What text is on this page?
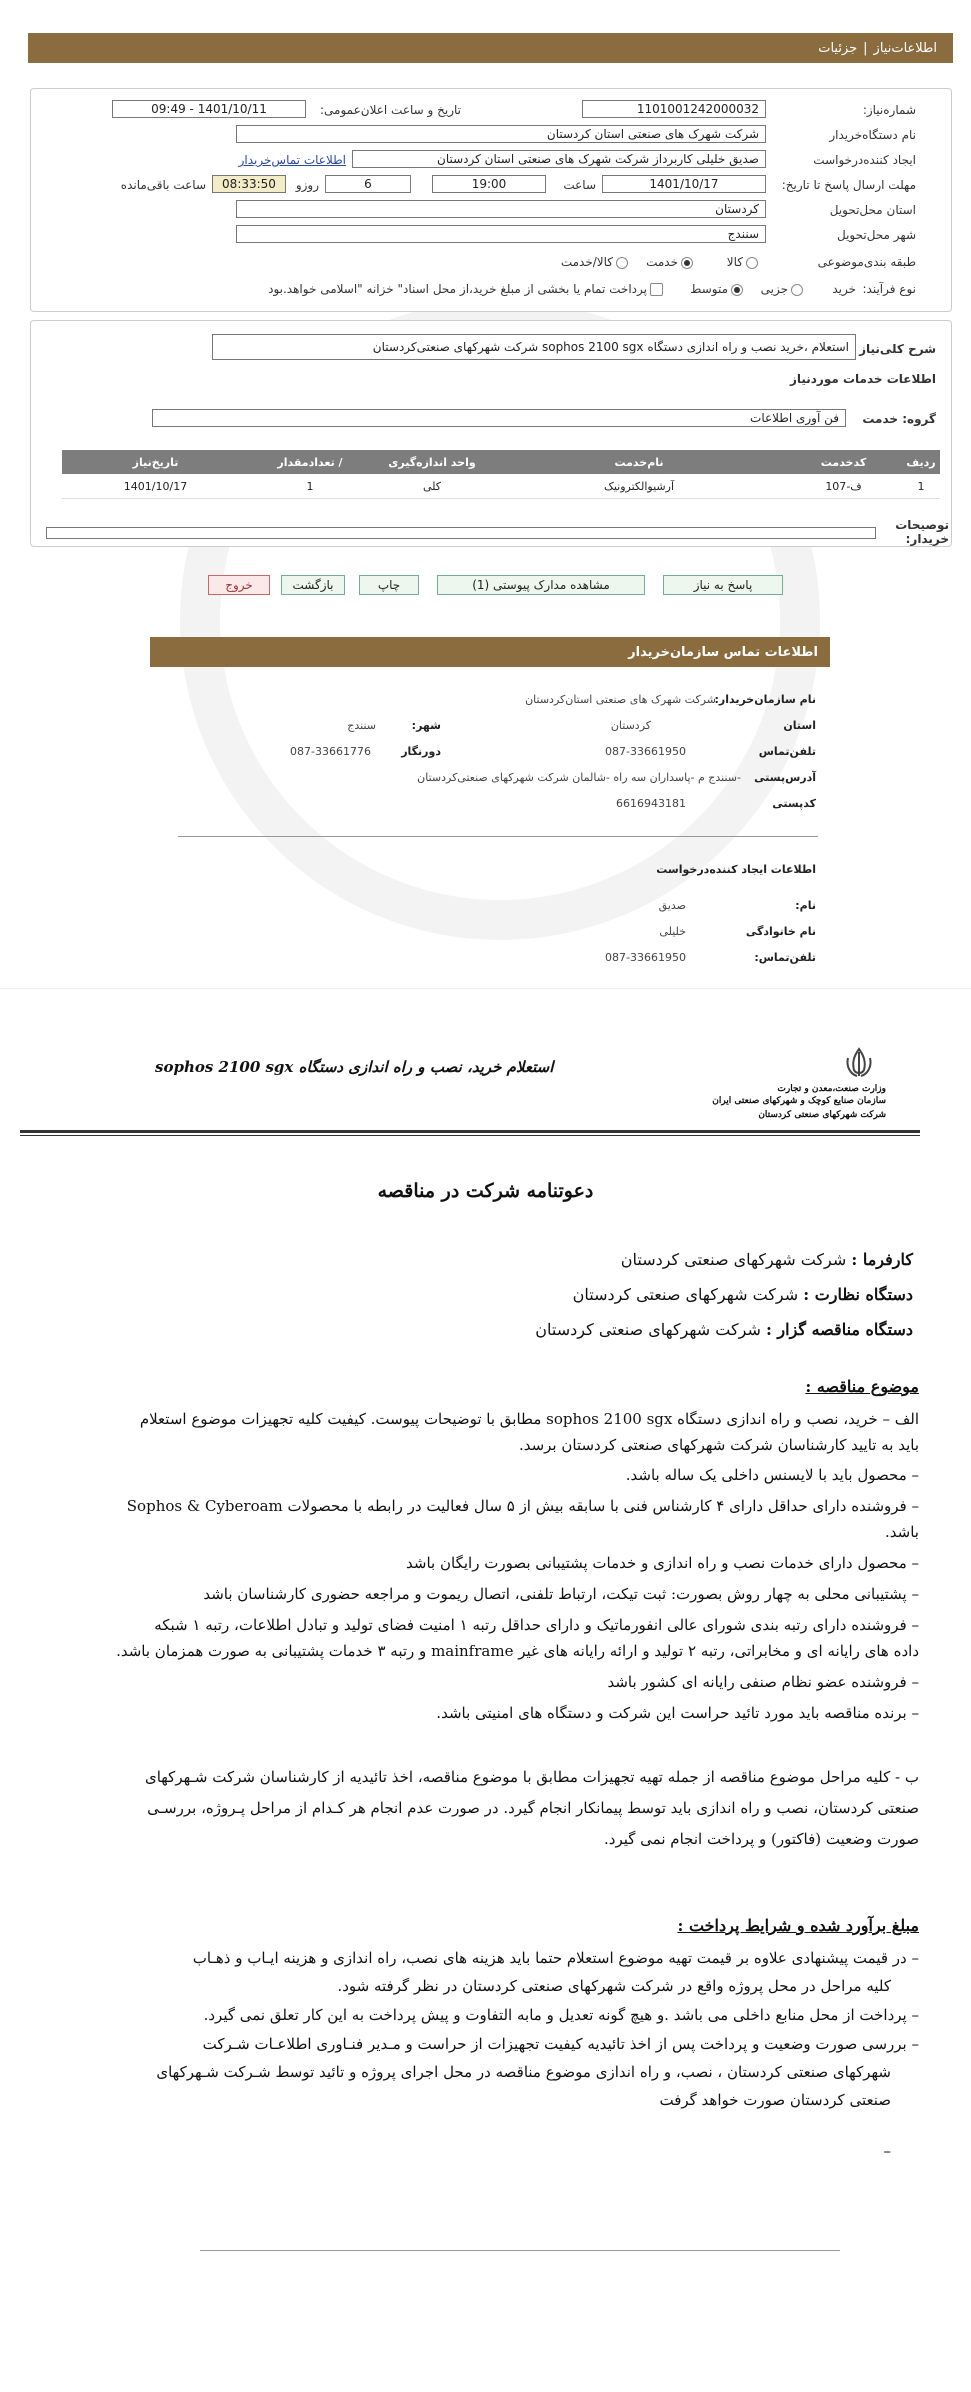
اطلاعات‌نیاز
|
جزئیات
شماره‌نیاز:
1101001242000032
تاریخ و ساعت اعلان‌عمومی:
1401/10/11 - 09:49
نام دستگاه‌خریدار
شرکت شهرک های صنعتی استان کردستان
ایجاد کننده‌درخواست
صدیق خلیلی کاربرداز شرکت شهرک های صنعتی استان کردستان
اطلاعات تماس‌خریدار
مهلت ارسال‌ پاسخ تا‌ تاریخ:
1401/10/17
ساعت
19:00
6
روزو
08:33:50
ساعت باقی‌مانده
استان محل‌تحویل
کردستان
شهر محل‌تحویل
سنندج
طبقه بندی‌موضوعی
کالا
خدمت
کالا/خدمت
نوع فرآیند:
خرید
جزیی
متوسط
پرداخت تمام یا بخشی از مبلغ خرید،از محل اسناد" خزانه "اسلامی خواهد.بود
شرح کلی‌نیاز
استعلام ،خرید نصب و راه اندازی دستگاه sophos 2100 sgx شرکت شهرکهای صنعتی‌کردستان
اطلاعات خدمات موردنیاز
گروه‌: خدمت
فن آوری اطلاعات
ردیف	کدخدمت	نام‌خدمت	واحد اندازه‌گیری	/ تعدادمقدار	تاریخ‌نیاز
1	ف-107	آرشیوالکترونیک	کلی	1	1401/10/17
توصیحات خریدار:
پاسخ به نیاز
مشاهده مدارک پیوستی (1)
چاپ
بازگشت
خروج
اطلاعات تماس‌ سازمان‌خریدار
نام سازمان‌خریدار:
شرکت شهرک های صنعتی استان‌کردستان
استان
کردستان
شهر:
سنندج
تلفن‌تماس
087-33661950
دورنگار
087-33661776
آدرس‌پستی
-سنندج م -پاسداران سه راه -شالمان شرکت شهرکهای صنعتی‌کردستان
کدپستی
6616943181
اطلاعات ایجاد کننده‌درخواست
نام:
صدیق
نام خانوادگی
خلیلی
تلفن‌تماس:
087-33661950
وزارت صنعت،معدن و تجارت
سازمان صنایع کوچک و شهرکهای صنعتی ایران
شرکت شهرکهای صنعتی کردستان
استعلام خرید، نصب و راه اندازی دستگاه sophos 2100 sgx
دعوتنامه شرکت در مناقصه
کارفرما : شرکت شهرکهای صنعتی کردستان
دستگاه نظارت : شرکت شهرکهای صنعتی کردستان
دستگاه مناقصه گزار : شرکت شهرکهای صنعتی کردستان
موضوع مناقصه :

الف – خرید، نصب و راه اندازی دستگاه sophos 2100 sgx مطابق با توضیحات پیوست. کیفیت کلیه تجهیزات موضوع استعلام

باید به تایید کارشناسان شرکت شهرکهای صنعتی کردستان برسد.

– محصول باید با لایسنس داخلی یک ساله باشد.

– فروشنده دارای حداقل دارای ۴ کارشناس فنی با سابقه بیش از ۵ سال فعالیت در رابطه با محصولات Sophos & Cyberoam

باشد.

– محصول دارای خدمات نصب و راه اندازی و خدمات پشتیبانی بصورت رایگان باشد

– پشتیبانی محلی به چهار روش بصورت: ثبت تیکت، ارتباط تلفنی، اتصال ریموت و مراجعه حضوری کارشناسان باشد

– فروشنده دارای رتبه بندی شورای عالی انفورماتیک و دارای حداقل رتبه ۱ امنیت فضای تولید و تبادل اطلاعات، رتبه ۱ شبکه

داده های رایانه ای و مخابراتی، رتبه ۲ تولید و ارائه رایانه های غیر mainframe و رتبه ۳ خدمات پشتیبانی به صورت همزمان باشد.

– فروشنده عضو نظام صنفی رایانه ای کشور باشد

– برنده مناقصه باید مورد تائید حراست این شرکت و دستگاه های امنیتی باشد.

ب - کلیه مراحل موضوع مناقصه از جمله تهیه تجهیزات مطابق با موضوع مناقصه، اخذ تائیدیه از کارشناسان شرکت شـهرکهای

صنعتی کردستان، نصب و راه اندازی باید توسط پیمانکار انجام گیرد. در صورت عدم انجام هر کـدام از مراحل پـروژه، بررسـی

صورت وضعیت (فاکتور) و پرداخت انجام نمی گیرد.

مبلغ برآورد شده و شرایط پرداخت :

– در قیمت پیشنهادی علاوه بر قیمت تهیه موضوع استعلام حتما باید هزینه های نصب، راه اندازی و هزینه ایـاب و ذهـاب

کلیه مراحل در محل پروژه واقع در شرکت شهرکهای صنعتی کردستان در نظر گرفته شود.

– پرداخت از محل منابع داخلی می باشد .و هیچ گونه تعدیل و مابه التفاوت و پیش پرداخت به این کار تعلق نمی گیرد.

– بررسی صورت وضعیت و پرداخت پس از اخذ تائیدیه کیفیت تجهیزات از حراست و مـدیر فنـاوری اطلاعـات شـرکت

شهرکهای صنعتی کردستان ، نصب، و راه اندازی موضوع مناقصه در محل اجرای پروژه و تائید توسط شـرکت شـهرکهای

صنعتی کردستان صورت خواهد گرفت

–
